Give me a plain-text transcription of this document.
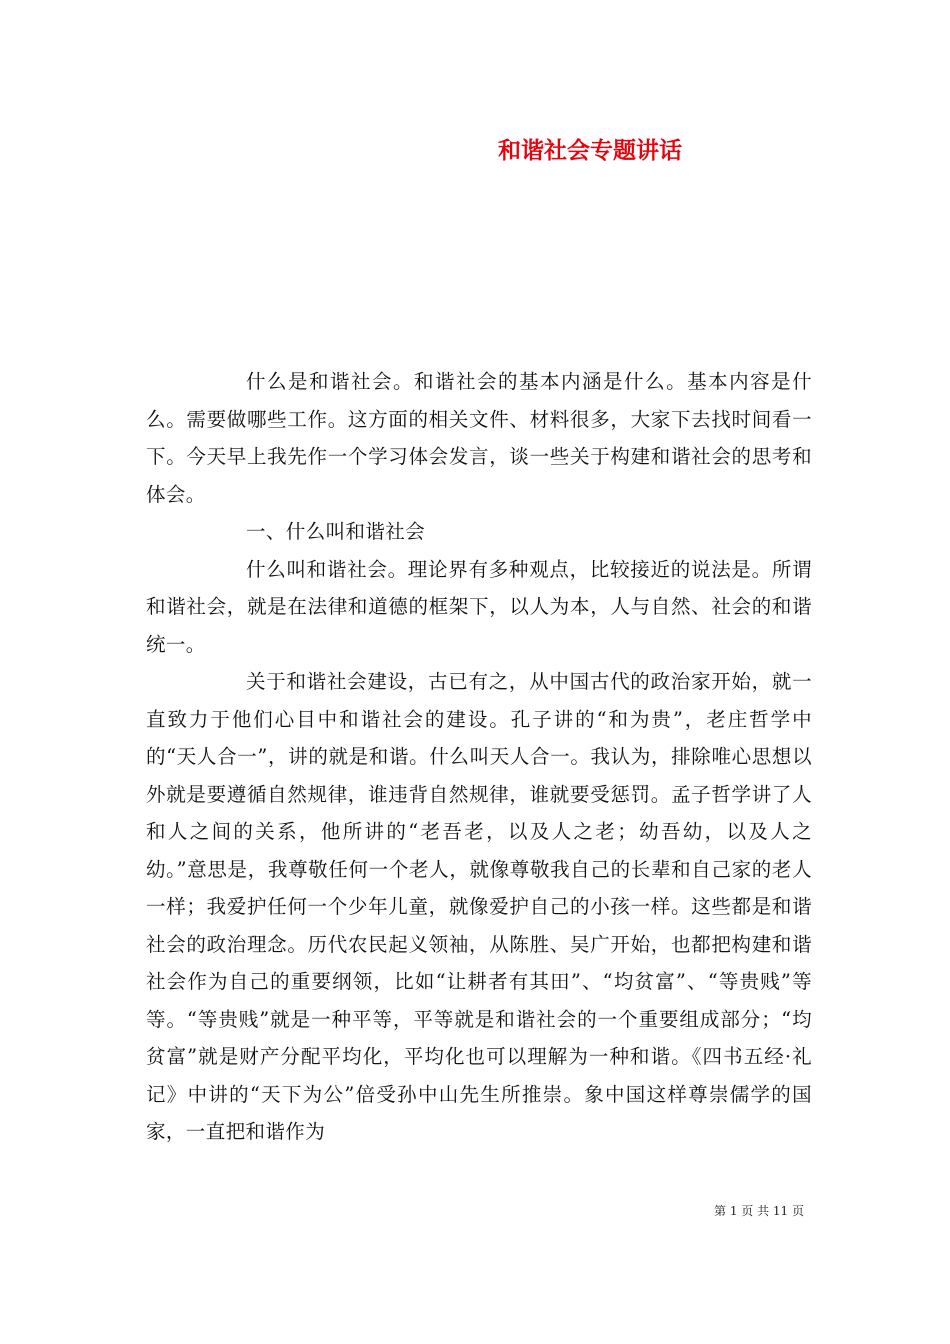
和谐社会专题讲话

什么是和谐社会。和谐社会的基本内涵是什么。基本内容是什么。需要做哪些工作。这方面的相关文件、材料很多，大家下去找时间看一下。今天早上我先作一个学习体会发言，谈一些关于构建和谐社会的思考和体会。

一、什么叫和谐社会

什么叫和谐社会。理论界有多种观点，比较接近的说法是。所谓和谐社会，就是在法律和道德的框架下，以人为本，人与自然、社会的和谐统一。

关于和谐社会建设，古已有之，从中国古代的政治家开始，就一直致力于他们心目中和谐社会的建设。孔子讲的“和为贵”，老庄哲学中的“天人合一”，讲的就是和谐。什么叫天人合一。我认为，排除唯心思想以外就是要遵循自然规律，谁违背自然规律，谁就要受惩罚。孟子哲学讲了人和人之间的关系，他所讲的“老吾老，以及人之老；幼吾幼，以及人之幼。”意思是，我尊敬任何一个老人，就像尊敬我自己的长辈和自己家的老人一样；我爱护任何一个少年儿童，就像爱护自己的小孩一样。这些都是和谐社会的政治理念。历代农民起义领袖，从陈胜、吴广开始，也都把构建和谐社会作为自己的重要纲领，比如“让耕者有其田”、“均贫富”、“等贵贱”等等。“等贵贱”就是一种平等，平等就是和谐社会的一个重要组成部分；“均贫富”就是财产分配平均化，平均化也可以理解为一种和谐。《四书五经·礼记》中讲的“天下为公”倍受孙中山先生所推崇。象中国这样尊崇儒学的国家，一直把和谐作为

第 1 页 共 11 页
